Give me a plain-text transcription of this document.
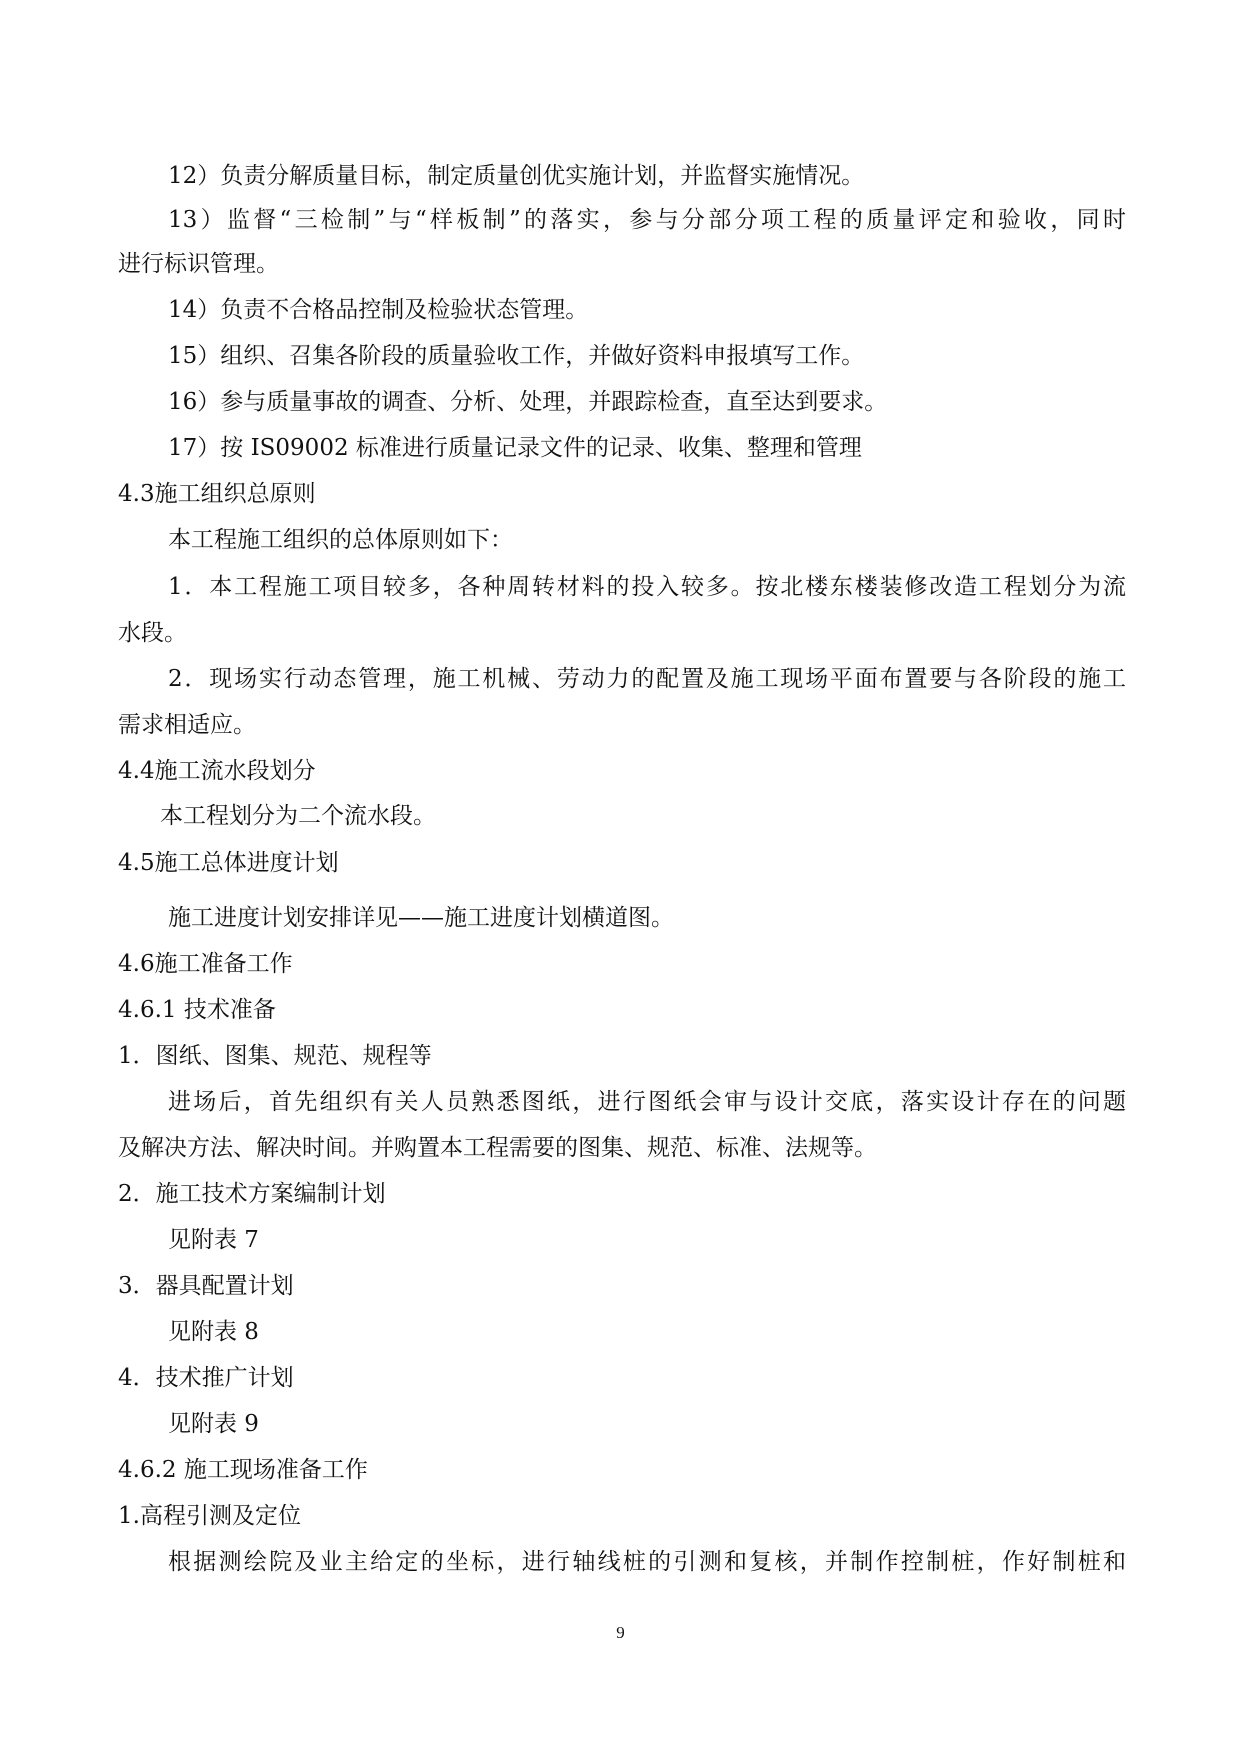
12）负责分解质量目标，制定质量创优实施计划，并监督实施情况。
13）监督“三检制”与“样板制”的落实，参与分部分项工程的质量评定和验收，同时
进行标识管理。
14）负责不合格品控制及检验状态管理。
15）组织、召集各阶段的质量验收工作，并做好资料申报填写工作。
16）参与质量事故的调查、分析、处理，并跟踪检查，直至达到要求。
17）按 IS09002 标准进行质量记录文件的记录、收集、整理和管理
4.3施工组织总原则
本工程施工组织的总体原则如下：
1．本工程施工项目较多，各种周转材料的投入较多。按北楼东楼装修改造工程划分为流
水段。
2．现场实行动态管理，施工机械、劳动力的配置及施工现场平面布置要与各阶段的施工
需求相适应。
4.4施工流水段划分
本工程划分为二个流水段。
4.5施工总体进度计划
施工进度计划安排详见——施工进度计划横道图。
4.6施工准备工作
4.6.1 技术准备
1．图纸、图集、规范、规程等
进场后，首先组织有关人员熟悉图纸，进行图纸会审与设计交底，落实设计存在的问题
及解决方法、解决时间。并购置本工程需要的图集、规范、标准、法规等。
2．施工技术方案编制计划
见附表 7
3．器具配置计划
见附表 8
4．技术推广计划
见附表 9
4.6.2 施工现场准备工作
1.高程引测及定位
根据测绘院及业主给定的坐标，进行轴线桩的引测和复核，并制作控制桩，作好制桩和
9
